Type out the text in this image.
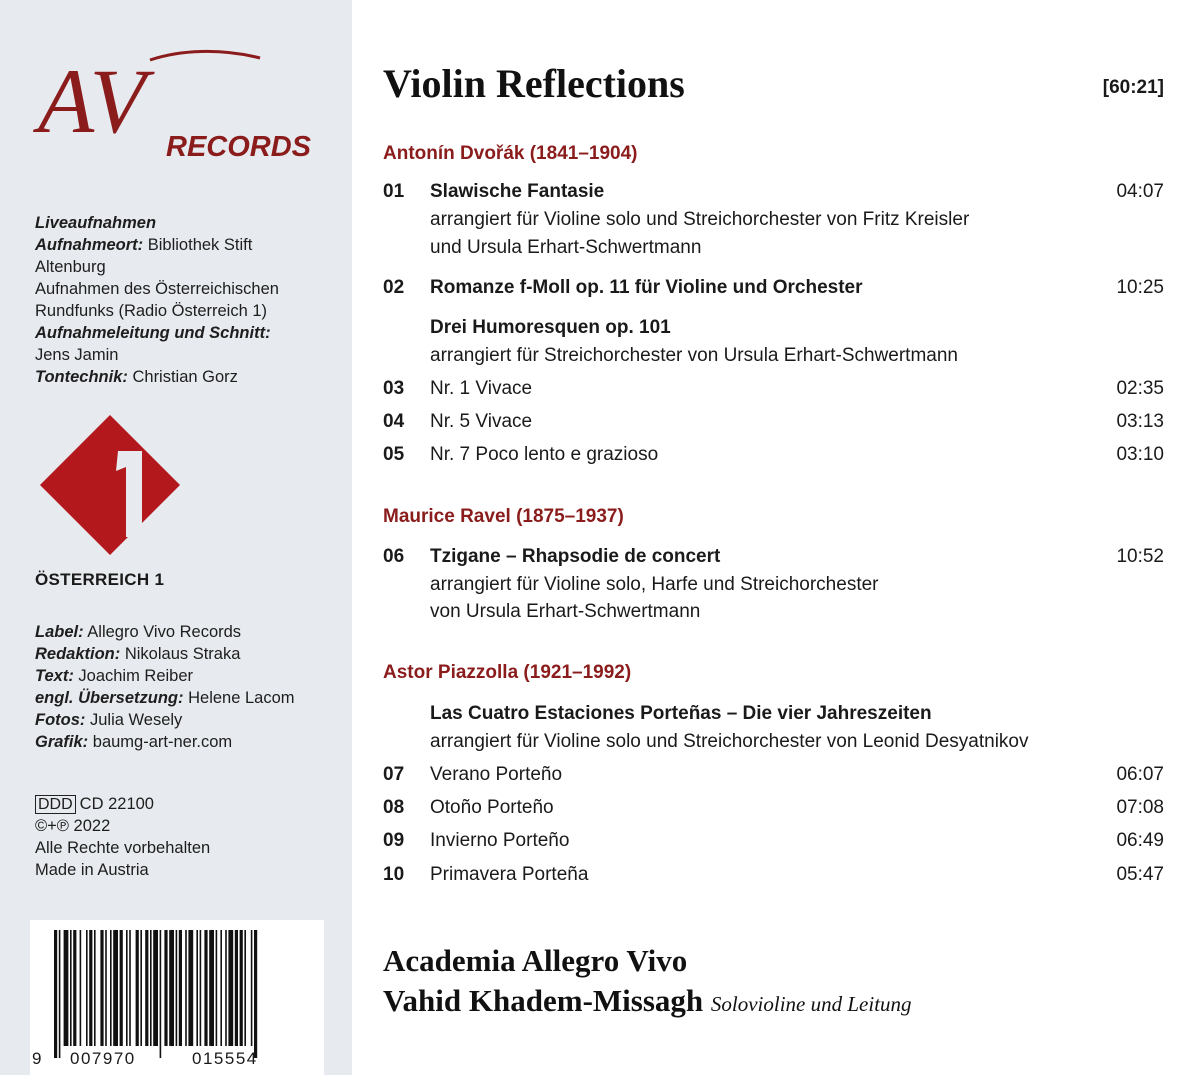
AV RECORDS
Liveaufnahmen
Aufnahmeort: Bibliothek Stift
Altenburg
Aufnahmen des Österreichischen
Rundfunks (Radio Österreich 1)
Aufnahmeleitung und Schnitt:
Jens Jamin
Tontechnik: Christian Gorz
ÖSTERREICH 1
Label: Allegro Vivo Records
Redaktion: Nikolaus Straka
Text: Joachim Reiber
engl. Übersetzung: Helene Lacom
Fotos: Julia Wesely
Grafik: baumg-art-ner.com
DDD CD 22100
©+℗ 2022
Alle Rechte vorbehalten
Made in Austria
9 007970	015554
Violin Reflections	[60:21]
Antonín Dvořák (1841–1904)
01 Slawische Fantasie	04:07
arrangiert für Violine solo und Streichorchester von Fritz Kreisler
und Ursula Erhart-Schwertmann
02 Romanze f-Moll op. 11 für Violine und Orchester	10:25
Drei Humoresquen op. 101
arrangiert für Streichorchester von Ursula Erhart-Schwertmann
03 Nr. 1 Vivace	02:35
04 Nr. 5 Vivace	03:13
05 Nr. 7 Poco lento e grazioso	03:10
Maurice Ravel (1875–1937)
06 Tzigane – Rhapsodie de concert	10:52
arrangiert für Violine solo, Harfe und Streichorchester
von Ursula Erhart-Schwertmann
Astor Piazzolla (1921–1992)
Las Cuatro Estaciones Porteñas – Die vier Jahreszeiten
arrangiert für Violine solo und Streichorchester von Leonid Desyatnikov
07 Verano Porteño	06:07
08 Otoño Porteño	07:08
09 Invierno Porteño	06:49
10 Primavera Porteña	05:47
Academia Allegro Vivo
Vahid Khadem-Missagh Solovioline und Leitung
